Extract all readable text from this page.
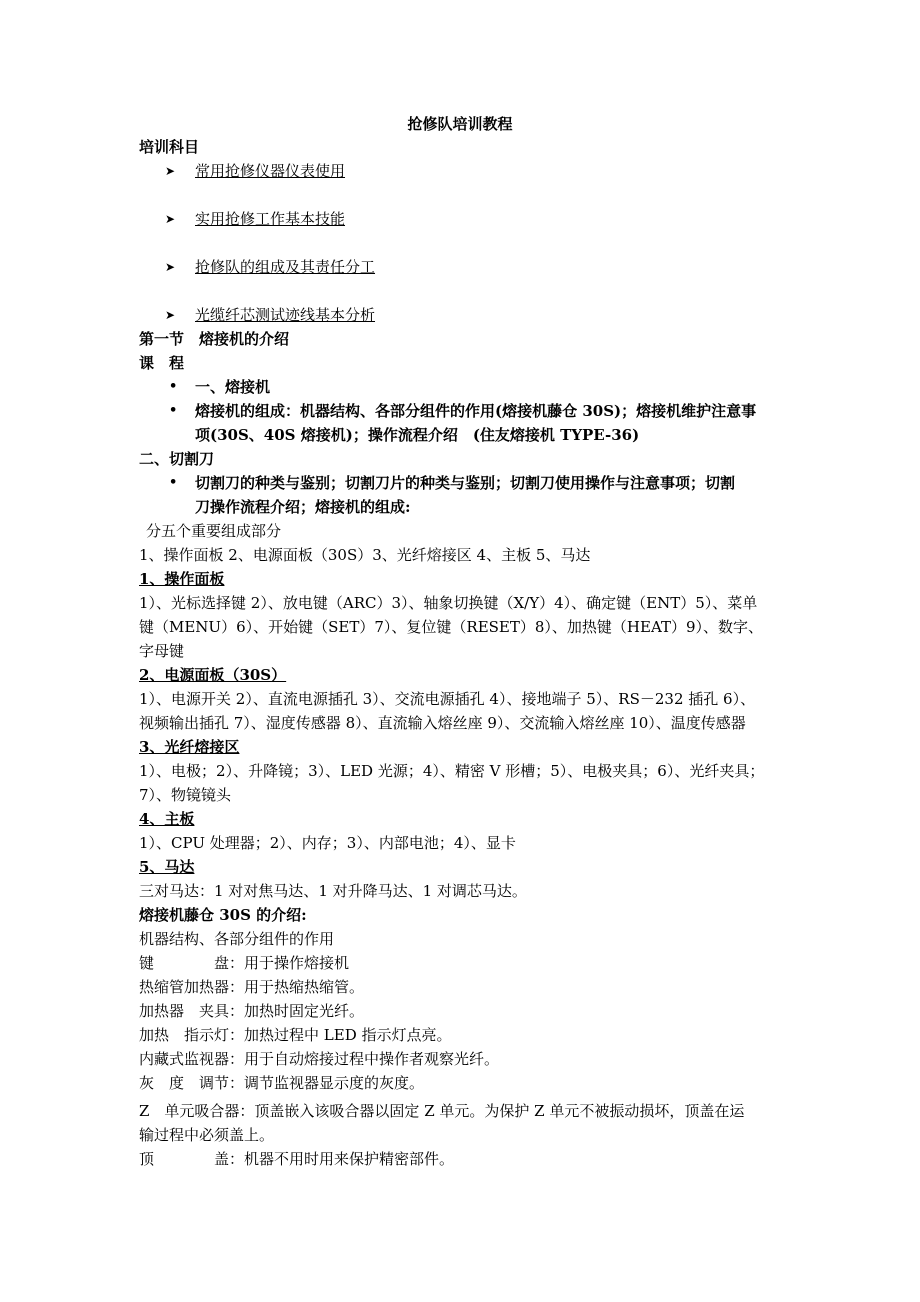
抢修队培训教程
培训科目
➤ 常用抢修仪器仪表使用
➤ 实用抢修工作基本技能
➤ 抢修队的组成及其责任分工
➤ 光缆纤芯测试迹线基本分析
第一节　熔接机的介绍
课　程
• 一、熔接机
• 熔接机的组成：机器结构、各部分组件的作用(熔接机藤仓 30S)；熔接机维护注意事
项(30S、40S 熔接机)；操作流程介绍　(住友熔接机 TYPE-36)
二、切割刀
• 切割刀的种类与鉴别；切割刀片的种类与鉴别；切割刀使用操作与注意事项；切割
刀操作流程介绍；熔接机的组成:
分五个重要组成部分
1、操作面板 2、电源面板（30S）3、光纤熔接区 4、主板 5、马达
1、操作面板
1）、光标选择键 2）、放电键（ARC）3）、轴象切换键（X/Y）4）、确定键（ENT）5）、菜单
键（MENU）6）、开始键（SET）7）、复位键（RESET）8）、加热键（HEAT）9）、数字、
字母键
2、电源面板（30S）
1）、电源开关 2）、直流电源插孔 3）、交流电源插孔 4）、接地端子 5）、RS－232 插孔 6）、
视频输出插孔 7）、湿度传感器 8）、直流输入熔丝座 9）、交流输入熔丝座 10）、温度传感器
3、光纤熔接区
1）、电极；2）、升降镜；3）、LED 光源；4）、精密 V 形槽；5）、电极夹具；6）、光纤夹具；
7）、物镜镜头
4、主板
1）、CPU 处理器；2）、内存；3）、内部电池；4）、显卡
5、马达
三对马达：1 对对焦马达、1 对升降马达、1 对调芯马达。
熔接机藤仓 30S 的介绍:
机器结构、各部分组件的作用
键　　　　盘：用于操作熔接机
热缩管加热器：用于热缩热缩管。
加热器　夹具：加热时固定光纤。
加热　指示灯：加热过程中 LED 指示灯点亮。
内藏式监视器：用于自动熔接过程中操作者观察光纤。
灰　度　调节：调节监视器显示度的灰度。
Z　单元吸合器：顶盖嵌入该吸合器以固定 Z 单元。为保护 Z 单元不被振动损坏，顶盖在运
输过程中必须盖上。
顶　　　　盖：机器不用时用来保护精密部件。
